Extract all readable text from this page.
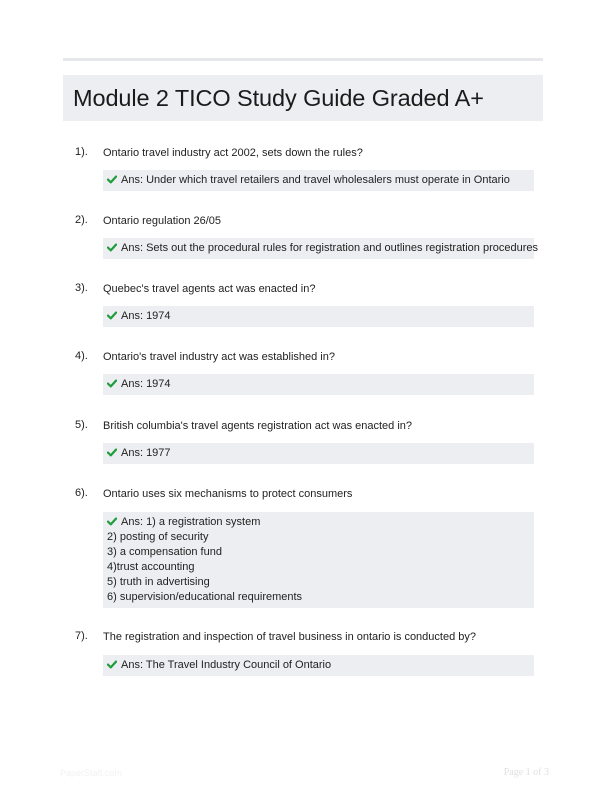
Module 2 TICO Study Guide Graded A+
1). Ontario travel industry act 2002, sets down the rules?
Ans: Under which travel retailers and travel wholesalers must operate in Ontario
2). Ontario regulation 26/05
Ans: Sets out the procedural rules for registration and outlines registration procedures
3). Quebec's travel agents act was enacted in?
Ans: 1974
4). Ontario's travel industry act was established in?
Ans: 1974
5). British columbia's travel agents registration act was enacted in?
Ans: 1977
6). Ontario uses six mechanisms to protect consumers
Ans: 1) a registration system
2) posting of security
3) a compensation fund
4)trust accounting
5) truth in advertising
6) supervision/educational requirements
7). The registration and inspection of travel business in ontario is conducted by?
Ans: The Travel Industry Council of Ontario
PaperStaff.com	Page 1 of 3
